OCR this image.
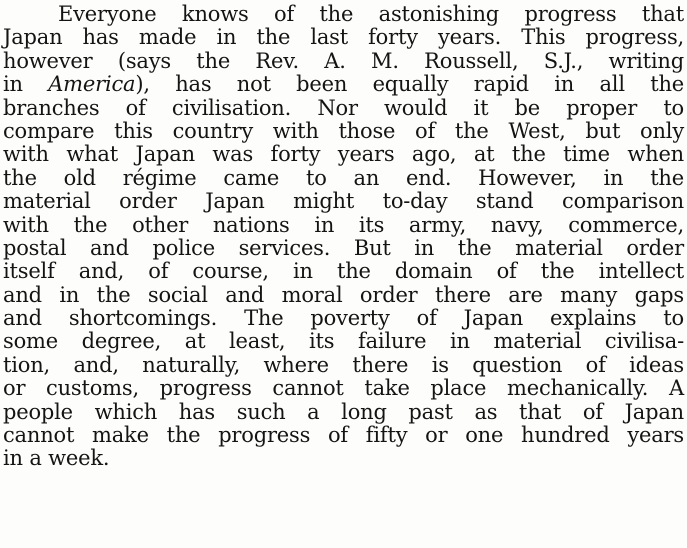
Everyone knows of the astonishing progress that
Japan has made in the last forty years. This progress,
however (says the Rev. A. M. Roussell, S.J., writing
in America), has not been equally rapid in all the
branches of civilisation. Nor would it be proper to
compare this country with those of the West, but only
with what Japan was forty years ago, at the time when
the old régime came to an end. However, in the
material order Japan might to-day stand comparison
with the other nations in its army, navy, commerce,
postal and police services. But in the material order
itself and, of course, in the domain of the intellect
and in the social and moral order there are many gaps
and shortcomings. The poverty of Japan explains to
some degree, at least, its failure in material civilisa-
tion, and, naturally, where there is question of ideas
or customs, progress cannot take place mechanically. A
people which has such a long past as that of Japan
cannot make the progress of fifty or one hundred years
in a week.
